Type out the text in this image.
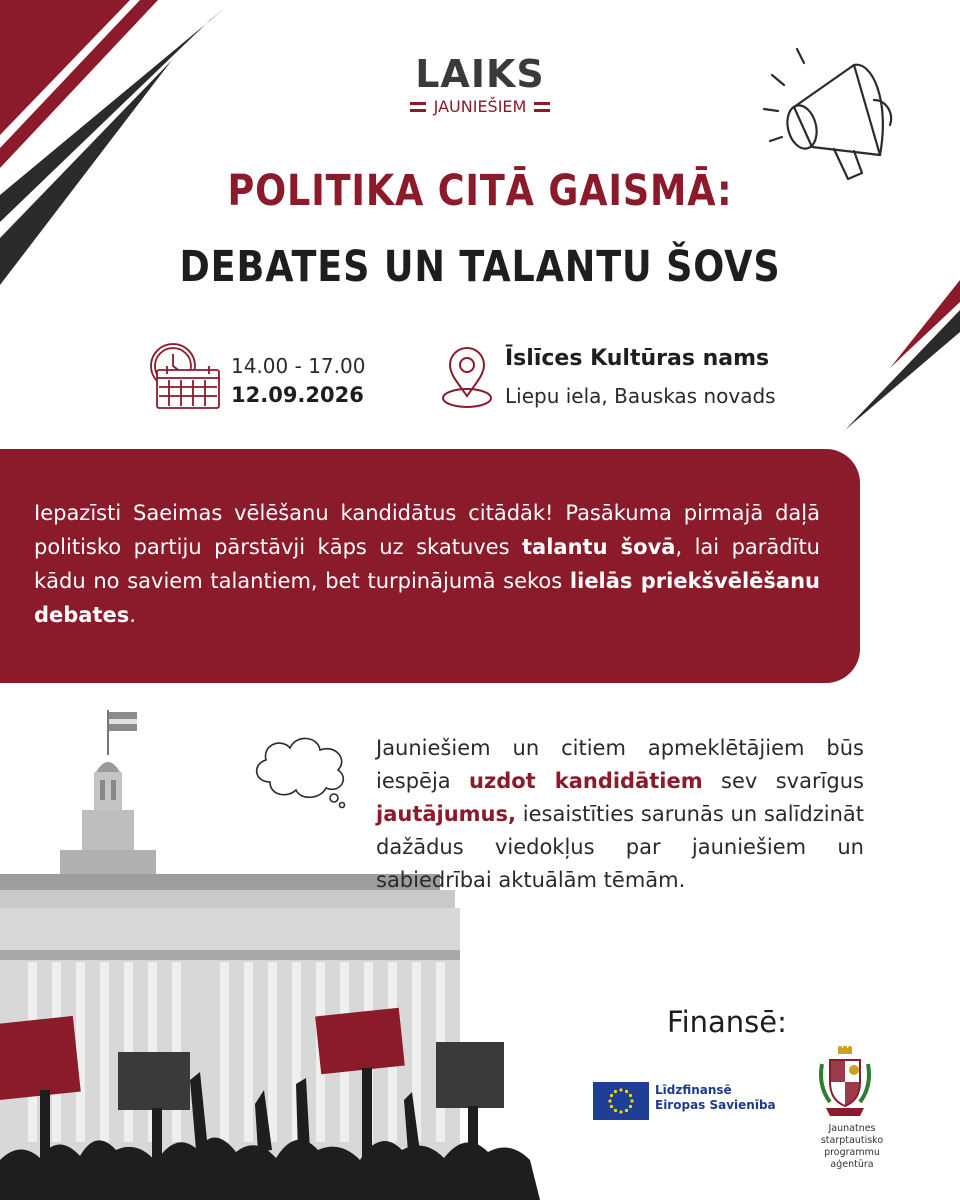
LAIKS
JAUNIEŠIEM
POLITIKA CITĀ GAISMĀ:
DEBATES UN TALANTU ŠOVS
14.00 - 17.00
12.09.2026
Īslīces Kultūras nams
Liepu iela, Bauskas novads
Iepazīsti Saeimas vēlēšanu kandidātus citādāk! Pasākuma pirmajā daļā politisko partiju pārstāvji kāps uz skatuves talantu šovā, lai parādītu kādu no saviem talantiem, bet turpinājumā sekos lielās priekšvēlēšanu debates.
Jauniešiem un citiem apmeklētājiem būs iespēja uzdot kandidātiem sev svarīgus jautājumus, iesaistīties sarunās un salīdzināt dažādus viedokļus par jauniešiem un sabiedrībai aktuālām tēmām.
Finansē:
Līdzfinansē
Eiropas Savienība
Jaunatnes starptautisko
programmu aģentūra
